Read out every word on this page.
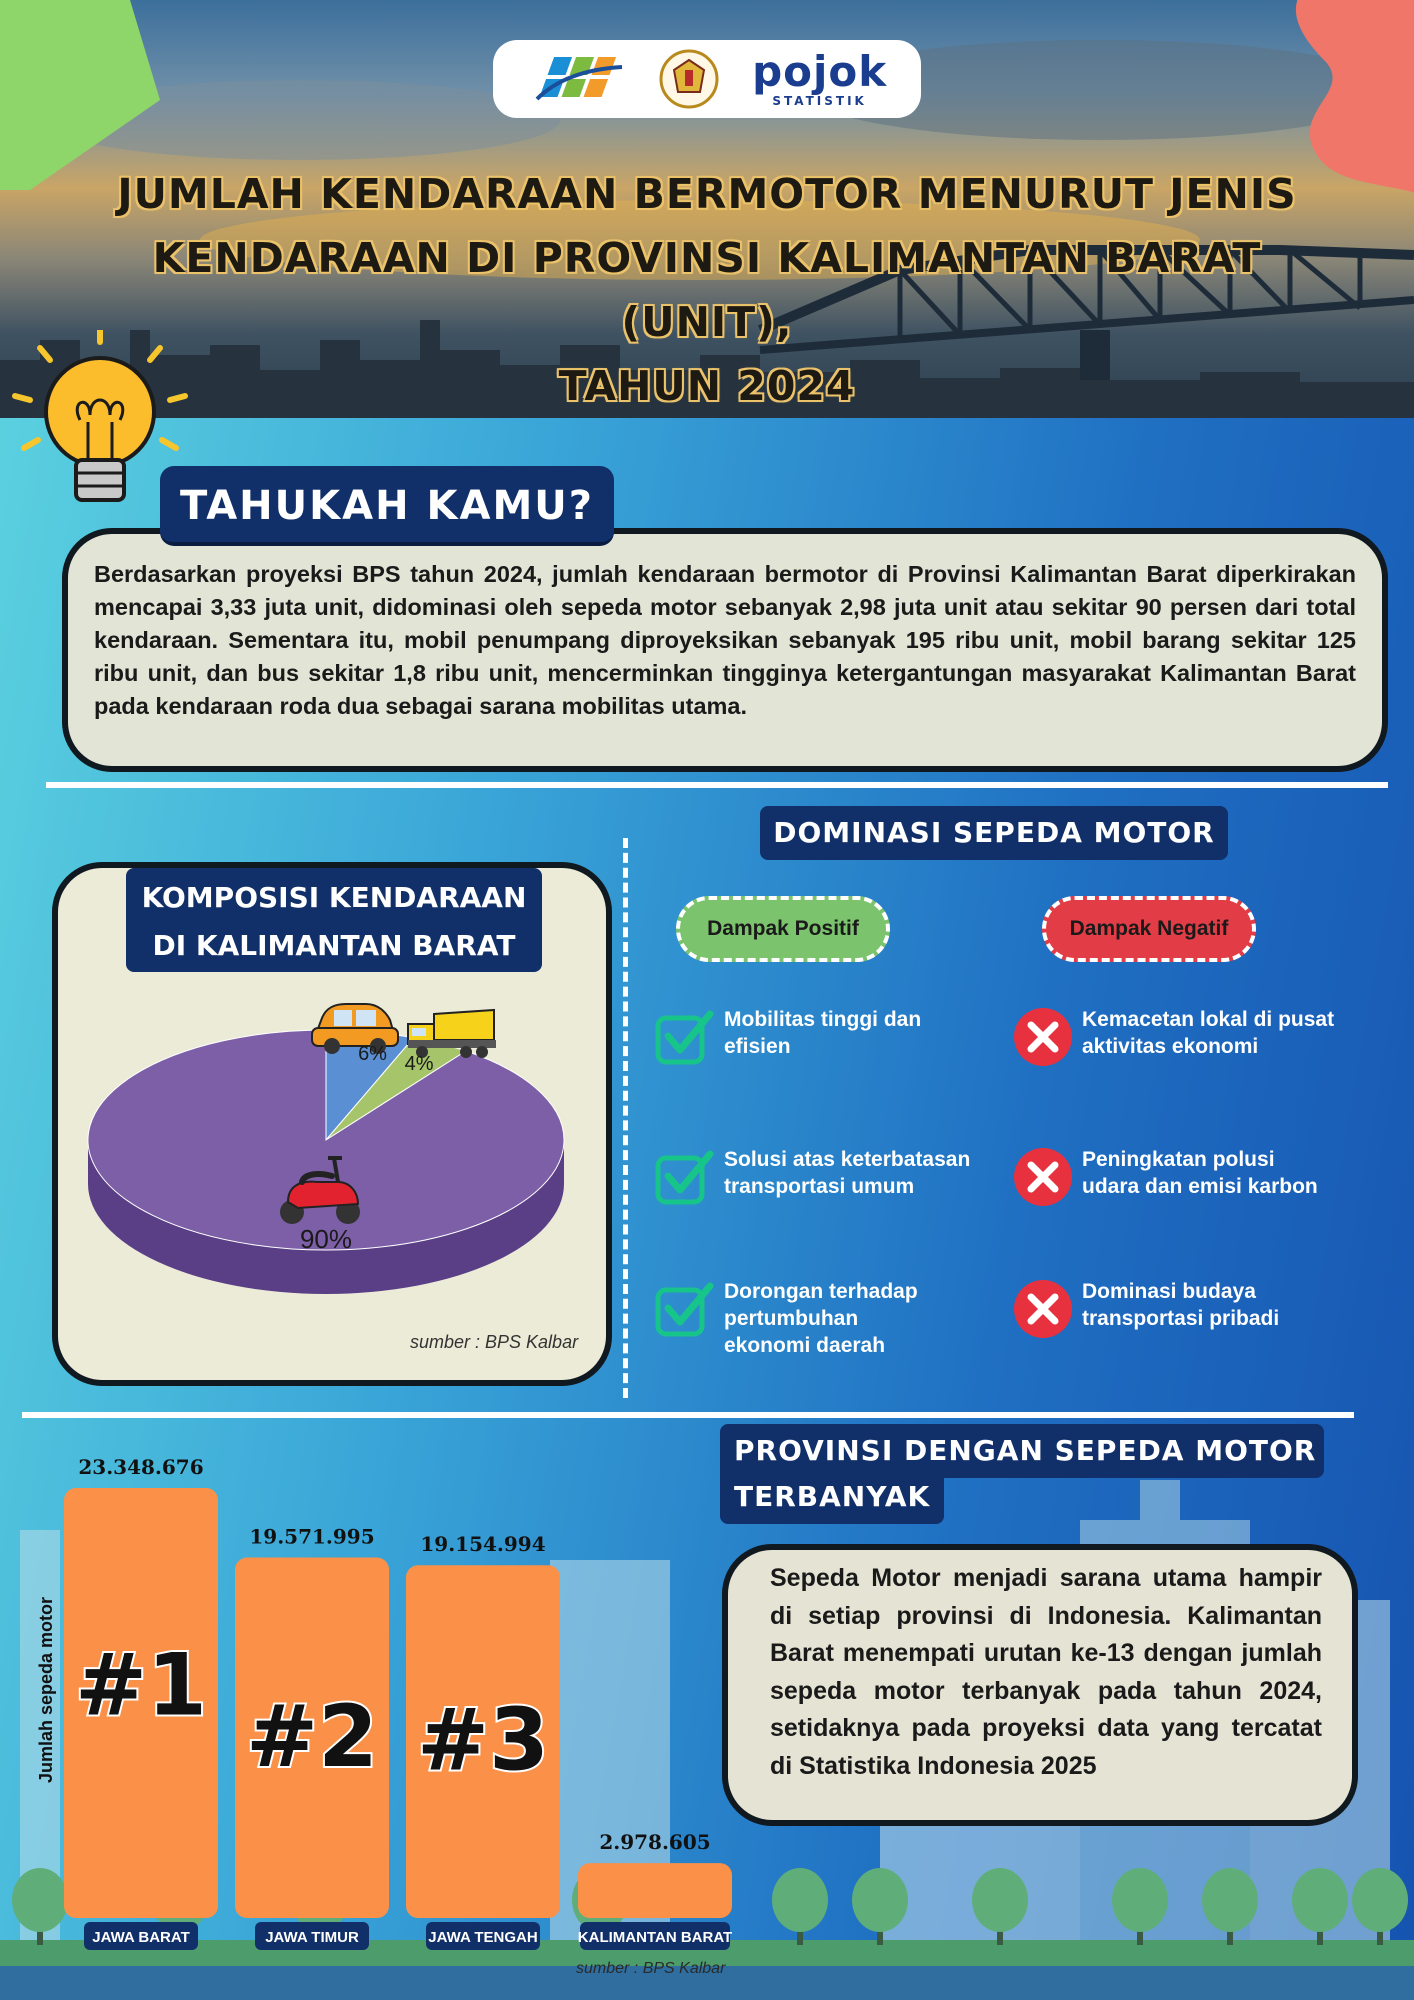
pojok
STATISTIK
JUMLAH KENDARAAN BERMOTOR MENURUT JENIS
KENDARAAN DI PROVINSI KALIMANTAN BARAT (UNIT),
TAHUN 2024
Berdasarkan proyeksi BPS tahun 2024, jumlah kendaraan bermotor di Provinsi Kalimantan Barat diperkirakan mencapai 3,33 juta unit, didominasi oleh sepeda motor sebanyak 2,98 juta unit atau sekitar 90 persen dari total kendaraan. Sementara itu, mobil penumpang diproyeksikan sebanyak 195 ribu unit, mobil barang sekitar 125 ribu unit, dan bus sekitar 1,8 ribu unit, mencerminkan tingginya ketergantungan masyarakat Kalimantan Barat pada kendaraan roda dua sebagai sarana mobilitas utama.
TAHUKAH KAMU?
KOMPOSISI KENDARAAN
DI KALIMANTAN BARAT
6% 4%
90%
sumber : BPS Kalbar
DOMINASI SEPEDA MOTOR
Dampak Positif	Dampak Negatif
Mobilitas tinggi dan
efisien
Solusi atas keterbatasan
transportasi umum
Dorongan terhadap
pertumbuhan
ekonomi daerah
Kemacetan lokal di pusat
aktivitas ekonomi
Peningkatan polusi
udara dan emisi karbon
Dominasi budaya
transportasi pribadi
Jumlah sepeda motor
23.348.676
#1
JAWA BARAT
19.571.995
#2
JAWA TIMUR
19.154.994
#3
JAWA TENGAH
2.978.605
KALIMANTAN BARAT
sumber : BPS Kalbar
PROVINSI DENGAN SEPEDA MOTOR
TERBANYAK
Sepeda Motor menjadi sarana utama hampir di setiap provinsi di Indonesia. Kalimantan Barat menempati urutan ke-13 dengan jumlah sepeda motor terbanyak pada tahun 2024, setidaknya pada proyeksi data yang tercatat di Statistika Indonesia 2025
